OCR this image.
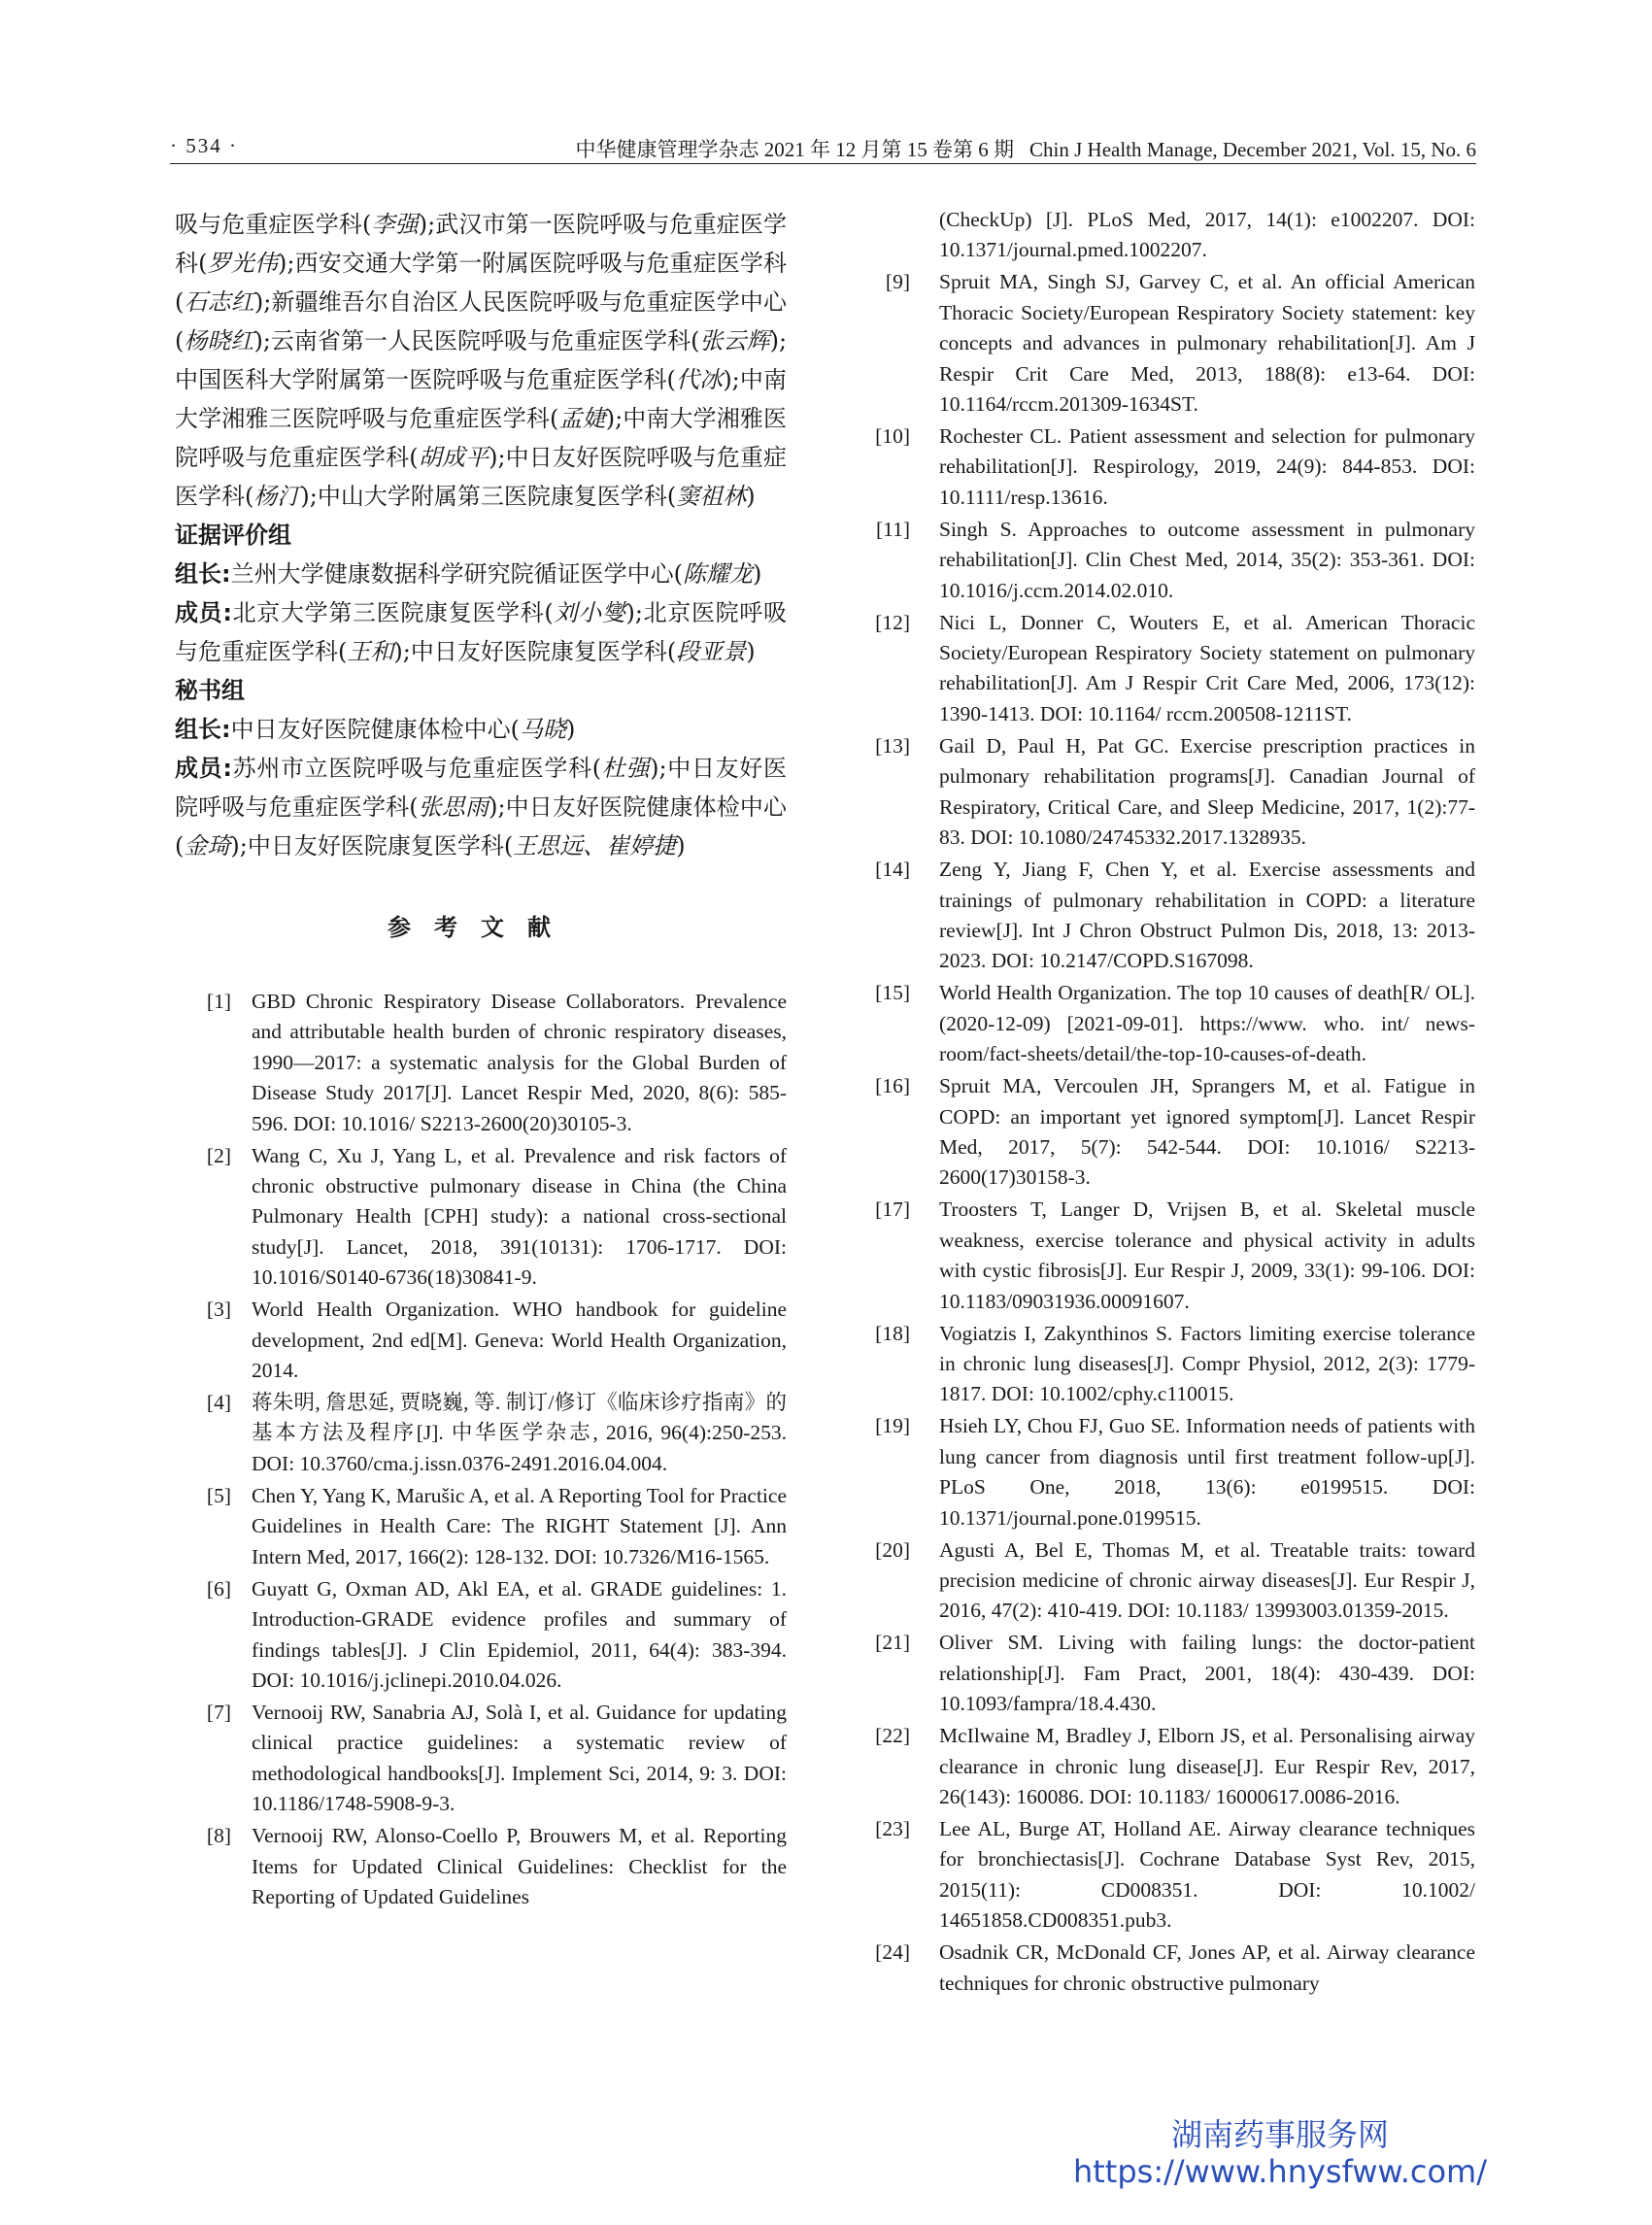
· 534 ·	中华健康管理学杂志 2021 年 12 月第 15 卷第 6 期 Chin J Health Manage, December 2021, Vol. 15, No. 6

吸与危重症医学科(李强);武汉市第一医院呼吸与危重症医学科(罗光伟);西安交通大学第一附属医院呼吸与危重症医学科(石志红);新疆维吾尔自治区人民医院呼吸与危重症医学中心(杨晓红);云南省第一人民医院呼吸与危重症医学科(张云辉);中国医科大学附属第一医院呼吸与危重症医学科(代冰);中南大学湘雅三医院呼吸与危重症医学科(孟婕);中南大学湘雅医院呼吸与危重症医学科(胡成平);中日友好医院呼吸与危重症医学科(杨汀);中山大学附属第三医院康复医学科(窦祖林)

证据评价组

组长:兰州大学健康数据科学研究院循证医学中心(陈耀龙)

成员:北京大学第三医院康复医学科(刘小燮);北京医院呼吸与危重症医学科(王和);中日友好医院康复医学科(段亚景)

秘书组

组长:中日友好医院健康体检中心(马晓)

成员:苏州市立医院呼吸与危重症医学科(杜强);中日友好医院呼吸与危重症医学科(张思雨);中日友好医院健康体检中心(金琦);中日友好医院康复医学科(王思远、崔婷捷)

参考文献
[1] GBD Chronic Respiratory Disease Collaborators. Prevalence and attributable health burden of chronic respiratory diseases, 1990—2017: a systematic analysis for the Global Burden of Disease Study 2017[J]. Lancet Respir Med, 2020, 8(6): 585-596. DOI: 10.1016/ S2213-2600(20)30105-3.
[2] Wang C, Xu J, Yang L, et al. Prevalence and risk factors of chronic obstructive pulmonary disease in China (the China Pulmonary Health [CPH] study): a national cross-sectional study[J]. Lancet, 2018, 391(10131): 1706-1717. DOI: 10.1016/S0140-6736(18)30841-9.
[3] World Health Organization. WHO handbook for guideline development, 2nd ed[M]. Geneva: World Health Organization, 2014.
[4] 蒋朱明, 詹思延, 贾晓巍, 等. 制订/修订《临床诊疗指南》的基本方法及程序[J]. 中华医学杂志, 2016, 96(4):250-253. DOI: 10.3760/cma.j.issn.0376-2491.2016.04.004.
[5] Chen Y, Yang K, Marušic A, et al. A Reporting Tool for Practice Guidelines in Health Care: The RIGHT Statement [J]. Ann Intern Med, 2017, 166(2): 128-132. DOI: 10.7326/M16-1565.
[6] Guyatt G, Oxman AD, Akl EA, et al. GRADE guidelines: 1. Introduction-GRADE evidence profiles and summary of findings tables[J]. J Clin Epidemiol, 2011, 64(4): 383-394. DOI: 10.1016/j.jclinepi.2010.04.026.
[7] Vernooij RW, Sanabria AJ, Solà I, et al. Guidance for updating clinical practice guidelines: a systematic review of methodological handbooks[J]. Implement Sci, 2014, 9: 3. DOI: 10.1186/1748-5908-9-3.
[8] Vernooij RW, Alonso-Coello P, Brouwers M, et al. Reporting Items for Updated Clinical Guidelines: Checklist for the Reporting of Updated Guidelines
(CheckUp) [J]. PLoS Med, 2017, 14(1): e1002207. DOI: 10.1371/journal.pmed.1002207.
[9] Spruit MA, Singh SJ, Garvey C, et al. An official American Thoracic Society/European Respiratory Society statement: key concepts and advances in pulmonary rehabilitation[J]. Am J Respir Crit Care Med, 2013, 188(8): e13-64. DOI: 10.1164/rccm.201309-1634ST.
[10] Rochester CL. Patient assessment and selection for pulmonary rehabilitation[J]. Respirology, 2019, 24(9): 844-853. DOI: 10.1111/resp.13616.
[11] Singh S. Approaches to outcome assessment in pulmonary rehabilitation[J]. Clin Chest Med, 2014, 35(2): 353-361. DOI: 10.1016/j.ccm.2014.02.010.
[12] Nici L, Donner C, Wouters E, et al. American Thoracic Society/European Respiratory Society statement on pulmonary rehabilitation[J]. Am J Respir Crit Care Med, 2006, 173(12): 1390-1413. DOI: 10.1164/ rccm.200508-1211ST.
[13] Gail D, Paul H, Pat GC. Exercise prescription practices in pulmonary rehabilitation programs[J]. Canadian Journal of Respiratory, Critical Care, and Sleep Medicine, 2017, 1(2):77-83. DOI: 10.1080/24745332.2017.1328935.
[14] Zeng Y, Jiang F, Chen Y, et al. Exercise assessments and trainings of pulmonary rehabilitation in COPD: a literature review[J]. Int J Chron Obstruct Pulmon Dis, 2018, 13: 2013-2023. DOI: 10.2147/COPD.S167098.
[15] World Health Organization. The top 10 causes of death[R/ OL]. (2020-12-09) [2021-09-01]. https://www. who. int/ news-room/fact-sheets/detail/the-top-10-causes-of-death.
[16] Spruit MA, Vercoulen JH, Sprangers M, et al. Fatigue in COPD: an important yet ignored symptom[J]. Lancet Respir Med, 2017, 5(7): 542-544. DOI: 10.1016/ S2213-2600(17)30158-3.
[17] Troosters T, Langer D, Vrijsen B, et al. Skeletal muscle weakness, exercise tolerance and physical activity in adults with cystic fibrosis[J]. Eur Respir J, 2009, 33(1): 99-106. DOI: 10.1183/09031936.00091607.
[18] Vogiatzis I, Zakynthinos S. Factors limiting exercise tolerance in chronic lung diseases[J]. Compr Physiol, 2012, 2(3): 1779-1817. DOI: 10.1002/cphy.c110015.
[19] Hsieh LY, Chou FJ, Guo SE. Information needs of patients with lung cancer from diagnosis until first treatment follow-up[J]. PLoS One, 2018, 13(6): e0199515. DOI: 10.1371/journal.pone.0199515.
[20] Agusti A, Bel E, Thomas M, et al. Treatable traits: toward precision medicine of chronic airway diseases[J]. Eur Respir J, 2016, 47(2): 410-419. DOI: 10.1183/ 13993003.01359-2015.
[21] Oliver SM. Living with failing lungs: the doctor-patient relationship[J]. Fam Pract, 2001, 18(4): 430-439. DOI: 10.1093/fampra/18.4.430.
[22] McIlwaine M, Bradley J, Elborn JS, et al. Personalising airway clearance in chronic lung disease[J]. Eur Respir Rev, 2017, 26(143): 160086. DOI: 10.1183/ 16000617.0086-2016.
[23] Lee AL, Burge AT, Holland AE. Airway clearance techniques for bronchiectasis[J]. Cochrane Database Syst Rev, 2015, 2015(11): CD008351. DOI: 10.1002/ 14651858.CD008351.pub3.
[24] Osadnik CR, McDonald CF, Jones AP, et al. Airway clearance techniques for chronic obstructive pulmonary
湖南药事服务网
https://www.hnysfww.com/
